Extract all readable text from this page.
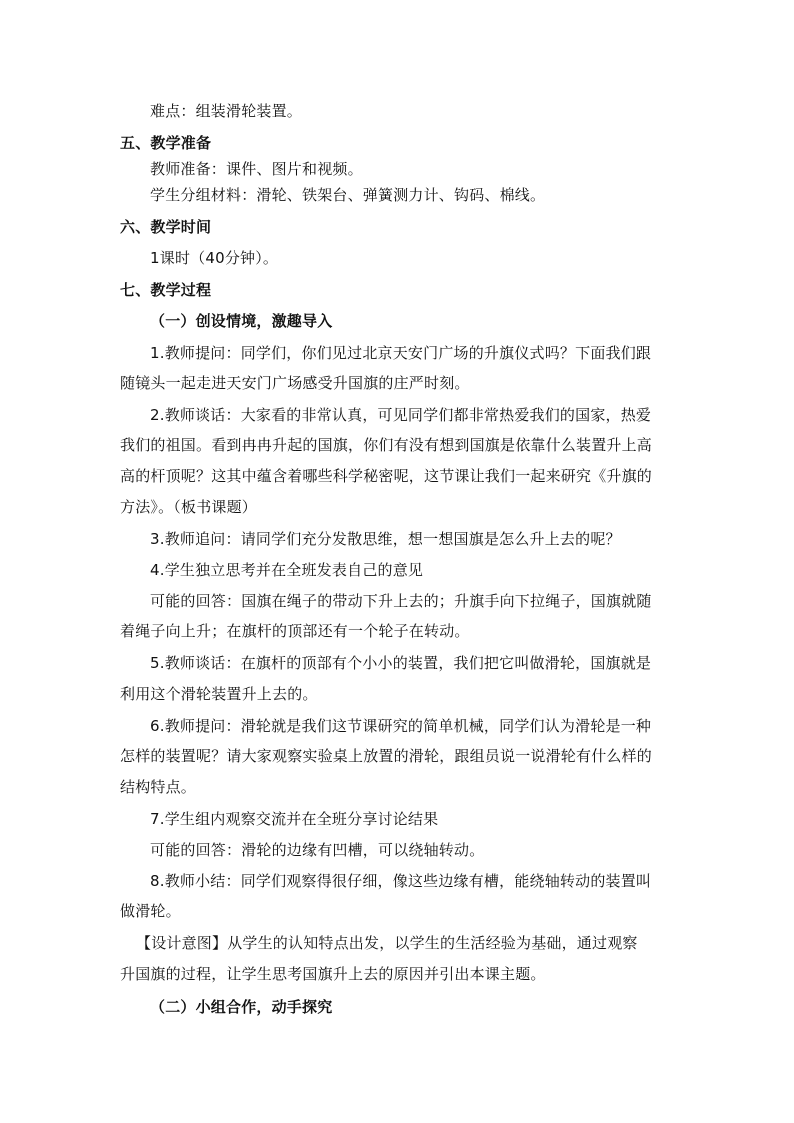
难点：组装滑轮装置。
五、教学准备
教师准备：课件、图片和视频。
学生分组材料：滑轮、铁架台、弹簧测力计、钩码、棉线。
六、教学时间
1课时（40分钟）。
七、教学过程
（一）创设情境，激趣导入
1.教师提问：同学们，你们见过北京天安门广场的升旗仪式吗？下面我们跟
随镜头一起走进天安门广场感受升国旗的庄严时刻。
2.教师谈话：大家看的非常认真，可见同学们都非常热爱我们的国家，热爱
我们的祖国。看到冉冉升起的国旗，你们有没有想到国旗是依靠什么装置升上高
高的杆顶呢？这其中蕴含着哪些科学秘密呢，这节课让我们一起来研究《升旗的
方法》。（板书课题）
3.教师追问：请同学们充分发散思维，想一想国旗是怎么升上去的呢？
4.学生独立思考并在全班发表自己的意见
可能的回答：国旗在绳子的带动下升上去的；升旗手向下拉绳子，国旗就随
着绳子向上升；在旗杆的顶部还有一个轮子在转动。
5.教师谈话：在旗杆的顶部有个小小的装置，我们把它叫做滑轮，国旗就是
利用这个滑轮装置升上去的。
6.教师提问：滑轮就是我们这节课研究的简单机械，同学们认为滑轮是一种
怎样的装置呢？请大家观察实验桌上放置的滑轮，跟组员说一说滑轮有什么样的
结构特点。
7.学生组内观察交流并在全班分享讨论结果
可能的回答：滑轮的边缘有凹槽，可以绕轴转动。
8.教师小结：同学们观察得很仔细，像这些边缘有槽，能绕轴转动的装置叫
做滑轮。
【设计意图】从学生的认知特点出发，以学生的生活经验为基础，通过观察
升国旗的过程，让学生思考国旗升上去的原因并引出本课主题。
（二）小组合作，动手探究
